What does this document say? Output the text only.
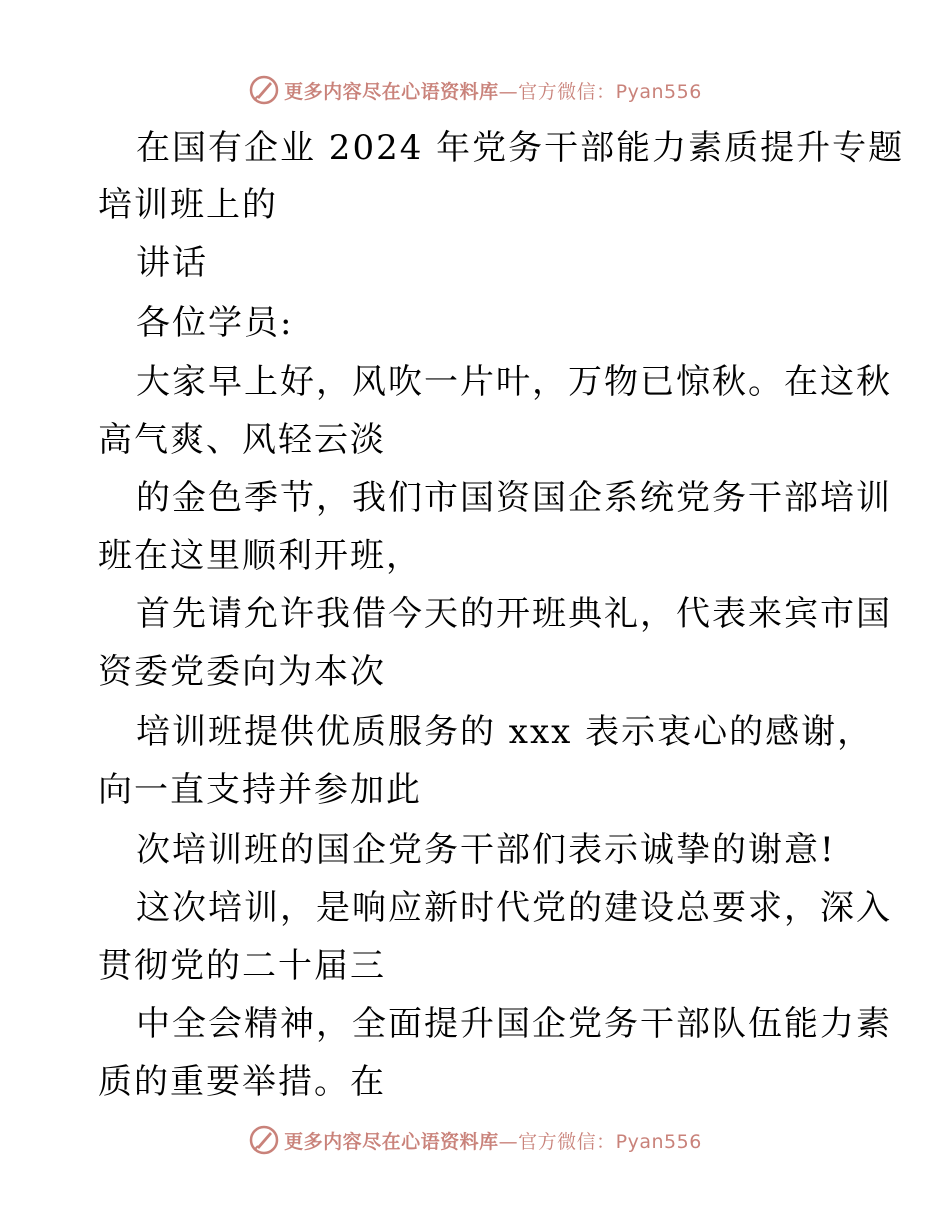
更多内容尽在心语资料库—官方微信：Pyan556
在国有企业 2024 年党务干部能力素质提升专题
培训班上的
讲话
各位学员:
大家早上好，风吹一片叶，万物已惊秋。在这秋
高气爽、风轻云淡
的金色季节，我们市国资国企系统党务干部培训
班在这里顺利开班，
首先请允许我借今天的开班典礼，代表来宾市国
资委党委向为本次
培训班提供优质服务的 xxx 表示衷心的感谢，
向一直支持并参加此
次培训班的国企党务干部们表示诚挚的谢意!
这次培训，是响应新时代党的建设总要求，深入
贯彻党的二十届三
中全会精神，全面提升国企党务干部队伍能力素
质的重要举措。在
更多内容尽在心语资料库—官方微信：Pyan556
